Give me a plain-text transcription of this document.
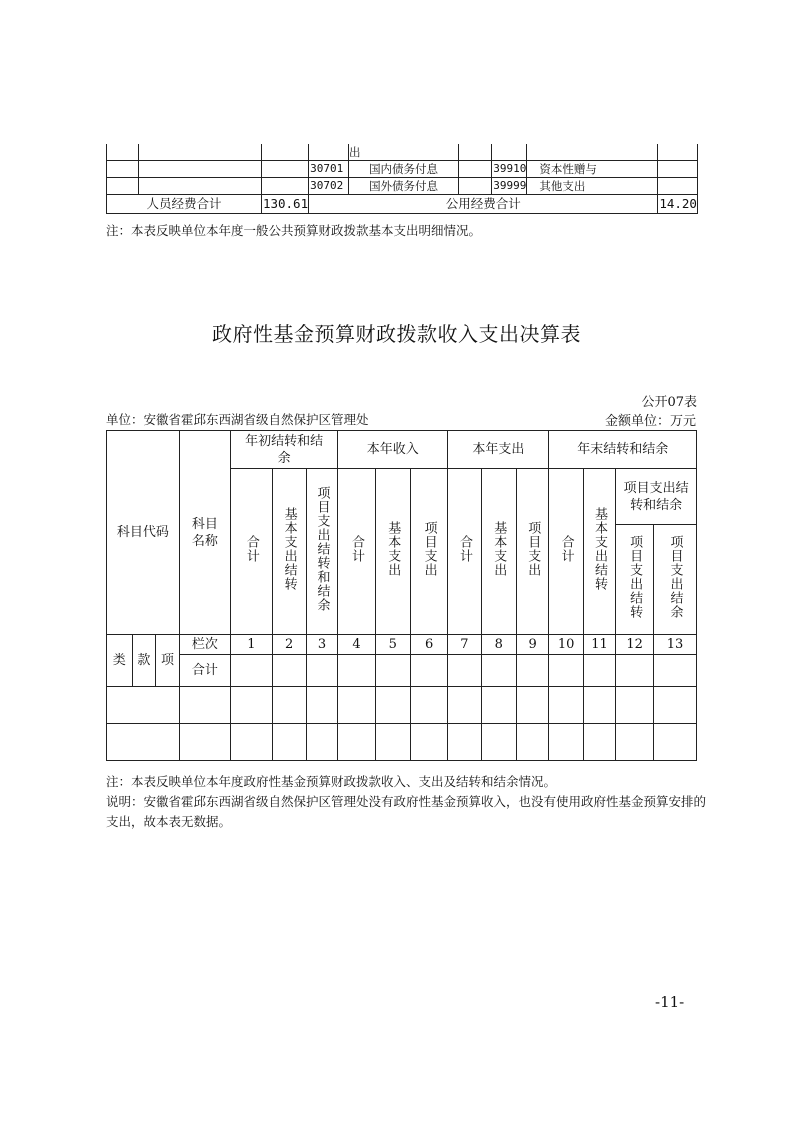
				出				
			30701	国内债务付息		39910	资本性赠与	
			30702	国外债务付息		39999	其他支出	
人员经费合计		130.61	公用经费合计					14.20
注：本表反映单位本年度一般公共预算财政拨款基本支出明细情况。
政府性基金预算财政拨款收入支出决算表
公开07表
单位：安徽省霍邱东西湖省级自然保护区管理处	金额单位：万元
科目代码			科目名称	年初结转和结余			本年收入			本年支出			年末结转和结余			
				合计	基本支出结转	项目支出结转和结余	合计	基本支出	项目支出	合计	基本支出	项目支出	合计	基本支出结转	项目支出结转和结余	

															项目支出结转	项目支出结余
类	款	项	栏次	1	2	3	4	5	6	7	8	9	10	11	12	13
			合计													

注：本表反映单位本年度政府性基金预算财政拨款收入、支出及结转和结余情况。
说明：安徽省霍邱东西湖省级自然保护区管理处没有政府性基金预算收入，也没有使用政府性基金预算安排的支出，故本表无数据。
-11-
